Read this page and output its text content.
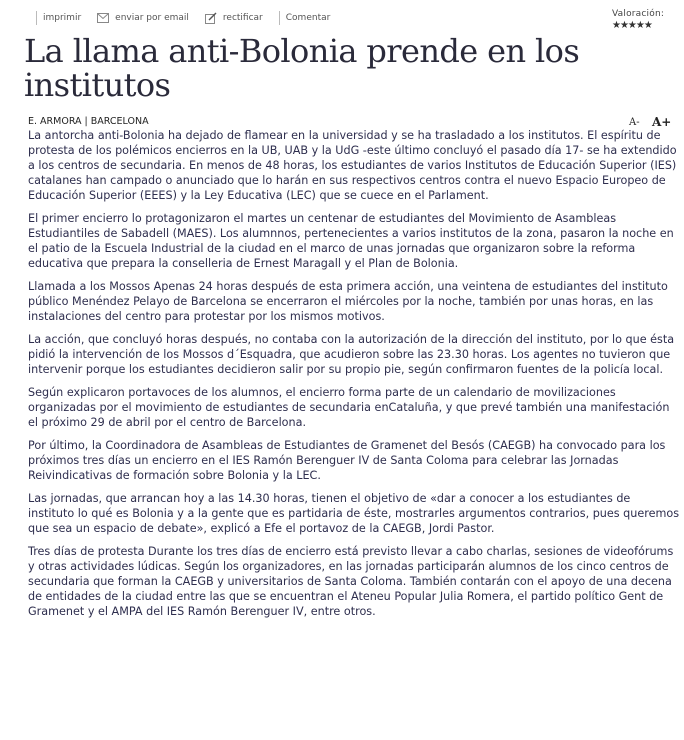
imprimir	enviar por email	rectificar	Comentar	Valoración:
★★★★★
La llama anti-Bolonia prende en los institutos
E. ARMORA | BARCELONA	A- A+

La antorcha anti-Bolonia ha dejado de flamear en la universidad y se ha trasladado a los institutos. El espíritu de protesta de los polémicos encierros en la UB, UAB y la UdG -este último concluyó el pasado día 17- se ha extendido a los centros de secundaria. En menos de 48 horas, los estudiantes de varios Institutos de Educación Superior (IES) catalanes han campado o anunciado que lo harán en sus respectivos centros contra el nuevo Espacio Europeo de Educación Superior (EEES) y la Ley Educativa (LEC) que se cuece en el Parlament.

El primer encierro lo protagonizaron el martes un centenar de estudiantes del Movimiento de Asambleas Estudiantiles de Sabadell (MAES). Los alumnnos, pertenecientes a varios institutos de la zona, pasaron la noche en el patio de la Escuela Industrial de la ciudad en el marco de unas jornadas que organizaron sobre la reforma educativa que prepara la conselleria de Ernest Maragall y el Plan de Bolonia.

Llamada a los Mossos Apenas 24 horas después de esta primera acción, una veintena de estudiantes del instituto público Menéndez Pelayo de Barcelona se encerraron el miércoles por la noche, también por unas horas, en las instalaciones del centro para protestar por los mismos motivos.

La acción, que concluyó horas después, no contaba con la autorización de la dirección del instituto, por lo que ésta pidió la intervención de los Mossos d´Esquadra, que acudieron sobre las 23.30 horas. Los agentes no tuvieron que intervenir porque los estudiantes decidieron salir por su propio pie, según confirmaron fuentes de la policía local.

Según explicaron portavoces de los alumnos, el encierro forma parte de un calendario de movilizaciones organizadas por el movimiento de estudiantes de secundaria enCataluña, y que prevé también una manifestación el próximo 29 de abril por el centro de Barcelona.

Por último, la Coordinadora de Asambleas de Estudiantes de Gramenet del Besós (CAEGB) ha convocado para los próximos tres días un encierro en el IES Ramón Berenguer IV de Santa Coloma para celebrar las Jornadas Reivindicativas de formación sobre Bolonia y la LEC.

Las jornadas, que arrancan hoy a las 14.30 horas, tienen el objetivo de «dar a conocer a los estudiantes de instituto lo qué es Bolonia y a la gente que es partidaria de éste, mostrarles argumentos contrarios, pues queremos que sea un espacio de debate», explicó a Efe el portavoz de la CAEGB, Jordi Pastor.

Tres días de protesta Durante los tres días de encierro está previsto llevar a cabo charlas, sesiones de videofórums y otras actividades lúdicas. Según los organizadores, en las jornadas participarán alumnos de los cinco centros de secundaria que forman la CAEGB y universitarios de Santa Coloma. También contarán con el apoyo de una decena de entidades de la ciudad entre las que se encuentran el Ateneu Popular Julia Romera, el partido político Gent de Gramenet y el AMPA del IES Ramón Berenguer IV, entre otros.
